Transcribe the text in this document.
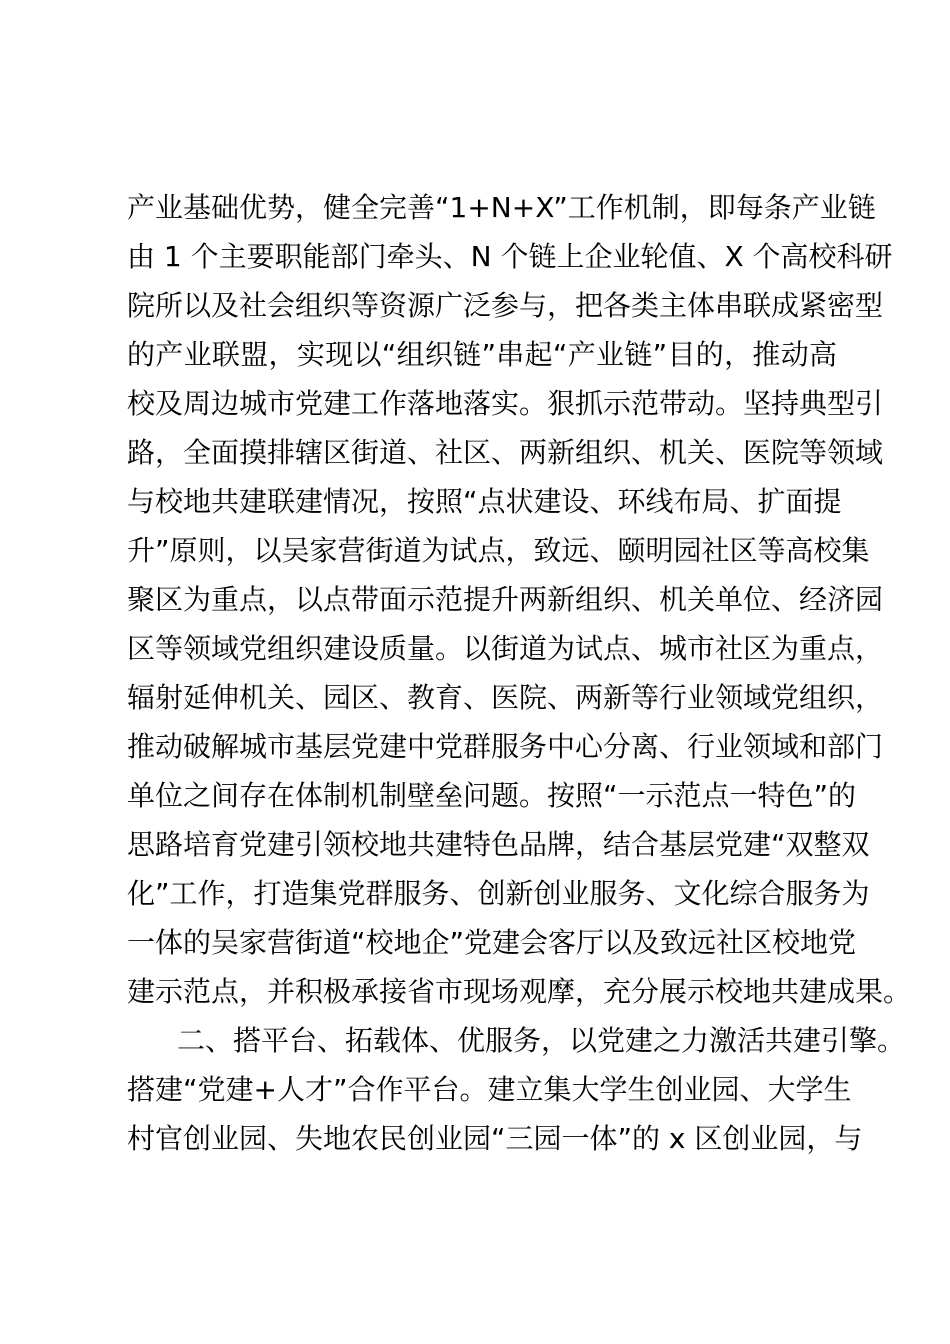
产业基础优势，健全完善“1+N+X”工作机制，即每条产业链
由 1 个主要职能部门牵头、N 个链上企业轮值、X 个高校科研
院所以及社会组织等资源广泛参与，把各类主体串联成紧密型
的产业联盟，实现以“组织链”串起“产业链”目的，推动高
校及周边城市党建工作落地落实。狠抓示范带动。坚持典型引
路，全面摸排辖区街道、社区、两新组织、机关、医院等领域
与校地共建联建情况，按照“点状建设、环线布局、扩面提
升”原则，以吴家营街道为试点，致远、颐明园社区等高校集
聚区为重点，以点带面示范提升两新组织、机关单位、经济园
区等领域党组织建设质量。以街道为试点、城市社区为重点，
辐射延伸机关、园区、教育、医院、两新等行业领域党组织，
推动破解城市基层党建中党群服务中心分离、行业领域和部门
单位之间存在体制机制壁垒问题。按照“一示范点一特色”的
思路培育党建引领校地共建特色品牌，结合基层党建“双整双
化”工作，打造集党群服务、创新创业服务、文化综合服务为
一体的吴家营街道“校地企”党建会客厅以及致远社区校地党
建示范点，并积极承接省市现场观摩，充分展示校地共建成果。
二、搭平台、拓载体、优服务，以党建之力激活共建引擎。
搭建“党建+人才”合作平台。建立集大学生创业园、大学生
村官创业园、失地农民创业园“三园一体”的 x 区创业园，与
